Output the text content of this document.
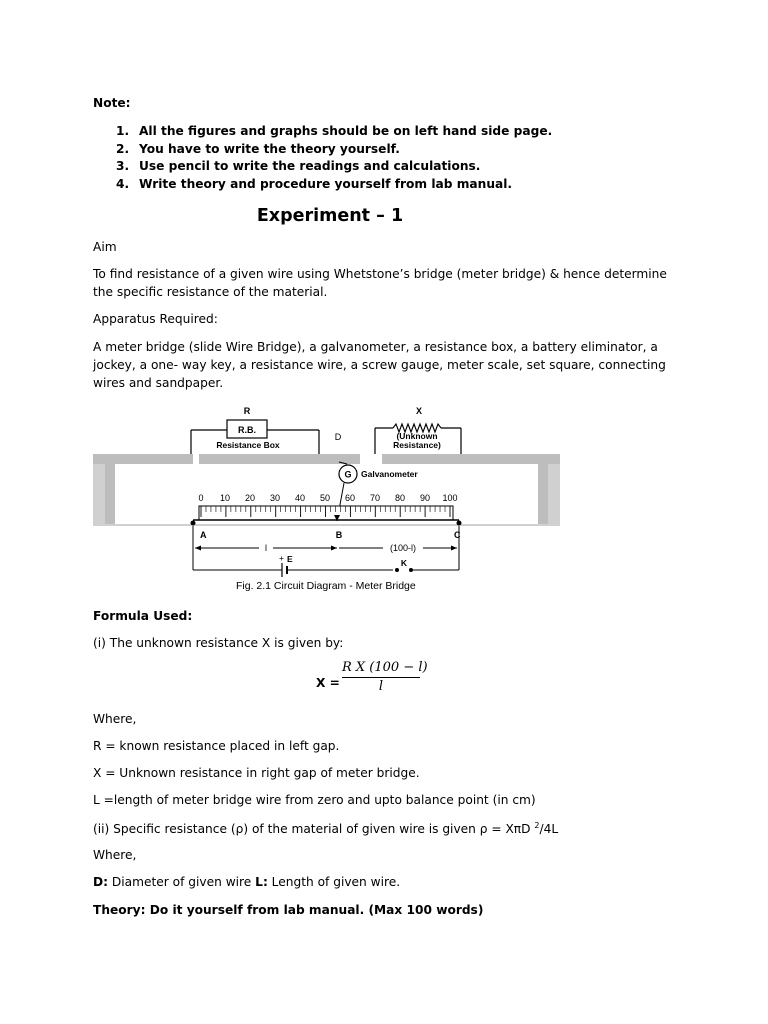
Note:
1. All the figures and graphs should be on left hand side page.
2. You have to write the theory yourself.
3. Use pencil to write the readings and calculations.
4. Write theory and procedure yourself from lab manual.
Experiment – 1
Aim
To find resistance of a given wire using Whetstone’s bridge (meter bridge) & hence determine the specific resistance of the material.
Apparatus Required:
A meter bridge (slide Wire Bridge), a galvanometer, a resistance box, a battery eliminator, a jockey, a one- way key, a resistance wire, a screw gauge, meter scale, set square, connecting wires and sandpaper.
R
R.B.
Resistance Box
X
(Unknown
Resistance)
D
G Galvanometer
0 10 20 30 40 50 60 70 80 90 100
A	B	C
l	(100-l)
+ E	K
Fig. 2.1 Circuit Diagram - Meter Bridge
Formula Used:
(i) The unknown resistance X is given by:
$X = \frac{\text{R X (100 − l)}}{l}$
Where,
R = known resistance placed in left gap.
X = Unknown resistance in right gap of meter bridge.
L =length of meter bridge wire from zero and upto balance point (in cm)
(ii) Specific resistance (ρ) of the material of given wire is given ρ = XπD $^2$/4L
Where,
D: Diameter of given wire L: Length of given wire.
Theory: Do it yourself from lab manual. (Max 100 words)
